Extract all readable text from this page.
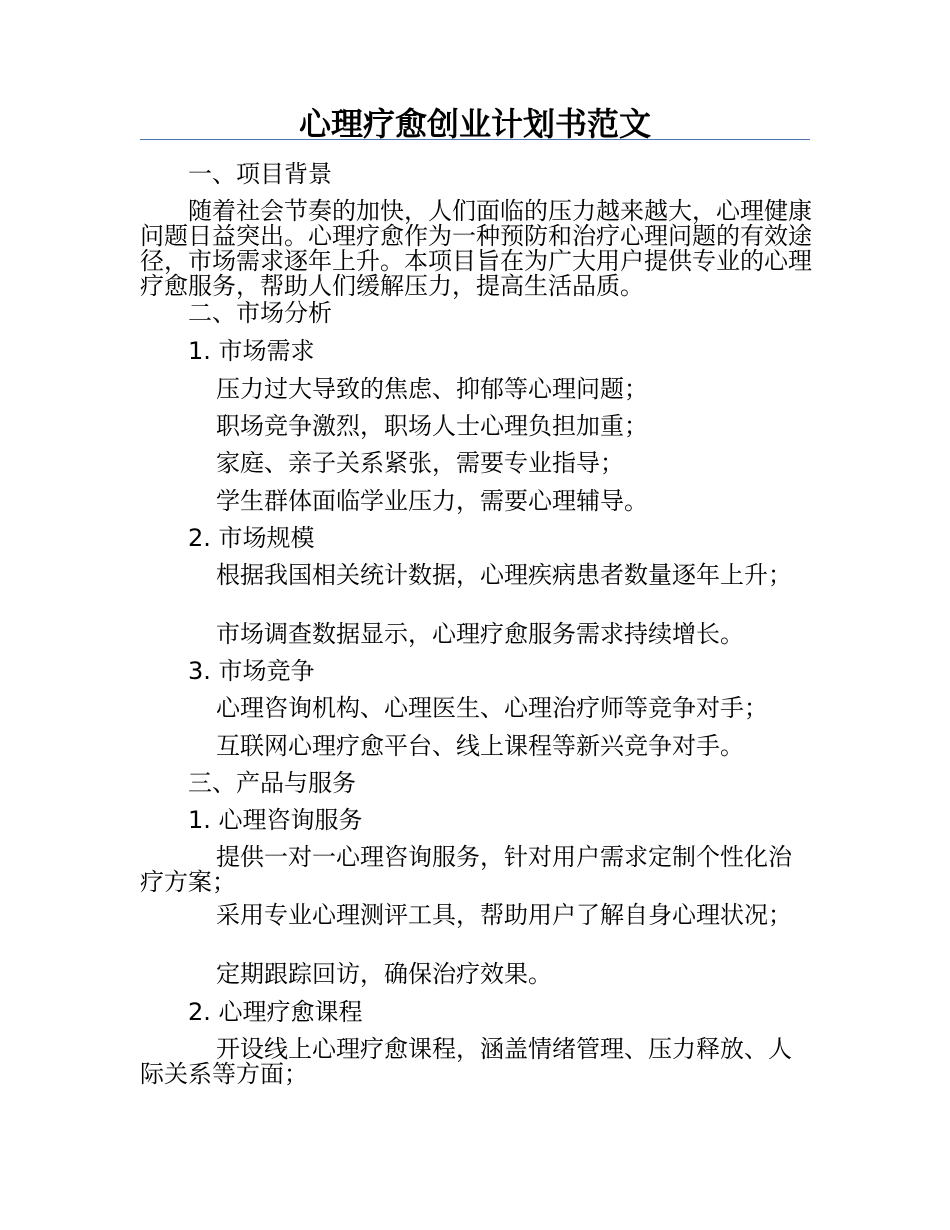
心理疗愈创业计划书范文
一、项目背景
随着社会节奏的加快，人们面临的压力越来越大，心理健康问题日益突出。心理疗愈作为一种预防和治疗心理问题的有效途径，市场需求逐年上升。本项目旨在为广大用户提供专业的心理疗愈服务，帮助人们缓解压力，提高生活品质。
二、市场分析
1. 市场需求
压力过大导致的焦虑、抑郁等心理问题；
职场竞争激烈，职场人士心理负担加重；
家庭、亲子关系紧张，需要专业指导；
学生群体面临学业压力，需要心理辅导。
2. 市场规模
根据我国相关统计数据，心理疾病患者数量逐年上升；
市场调查数据显示，心理疗愈服务需求持续增长。
3. 市场竞争
心理咨询机构、心理医生、心理治疗师等竞争对手；
互联网心理疗愈平台、线上课程等新兴竞争对手。
三、产品与服务
1. 心理咨询服务
提供一对一心理咨询服务，针对用户需求定制个性化治疗方案；
采用专业心理测评工具，帮助用户了解自身心理状况；
定期跟踪回访，确保治疗效果。
2. 心理疗愈课程
开设线上心理疗愈课程，涵盖情绪管理、压力释放、人际关系等方面；
